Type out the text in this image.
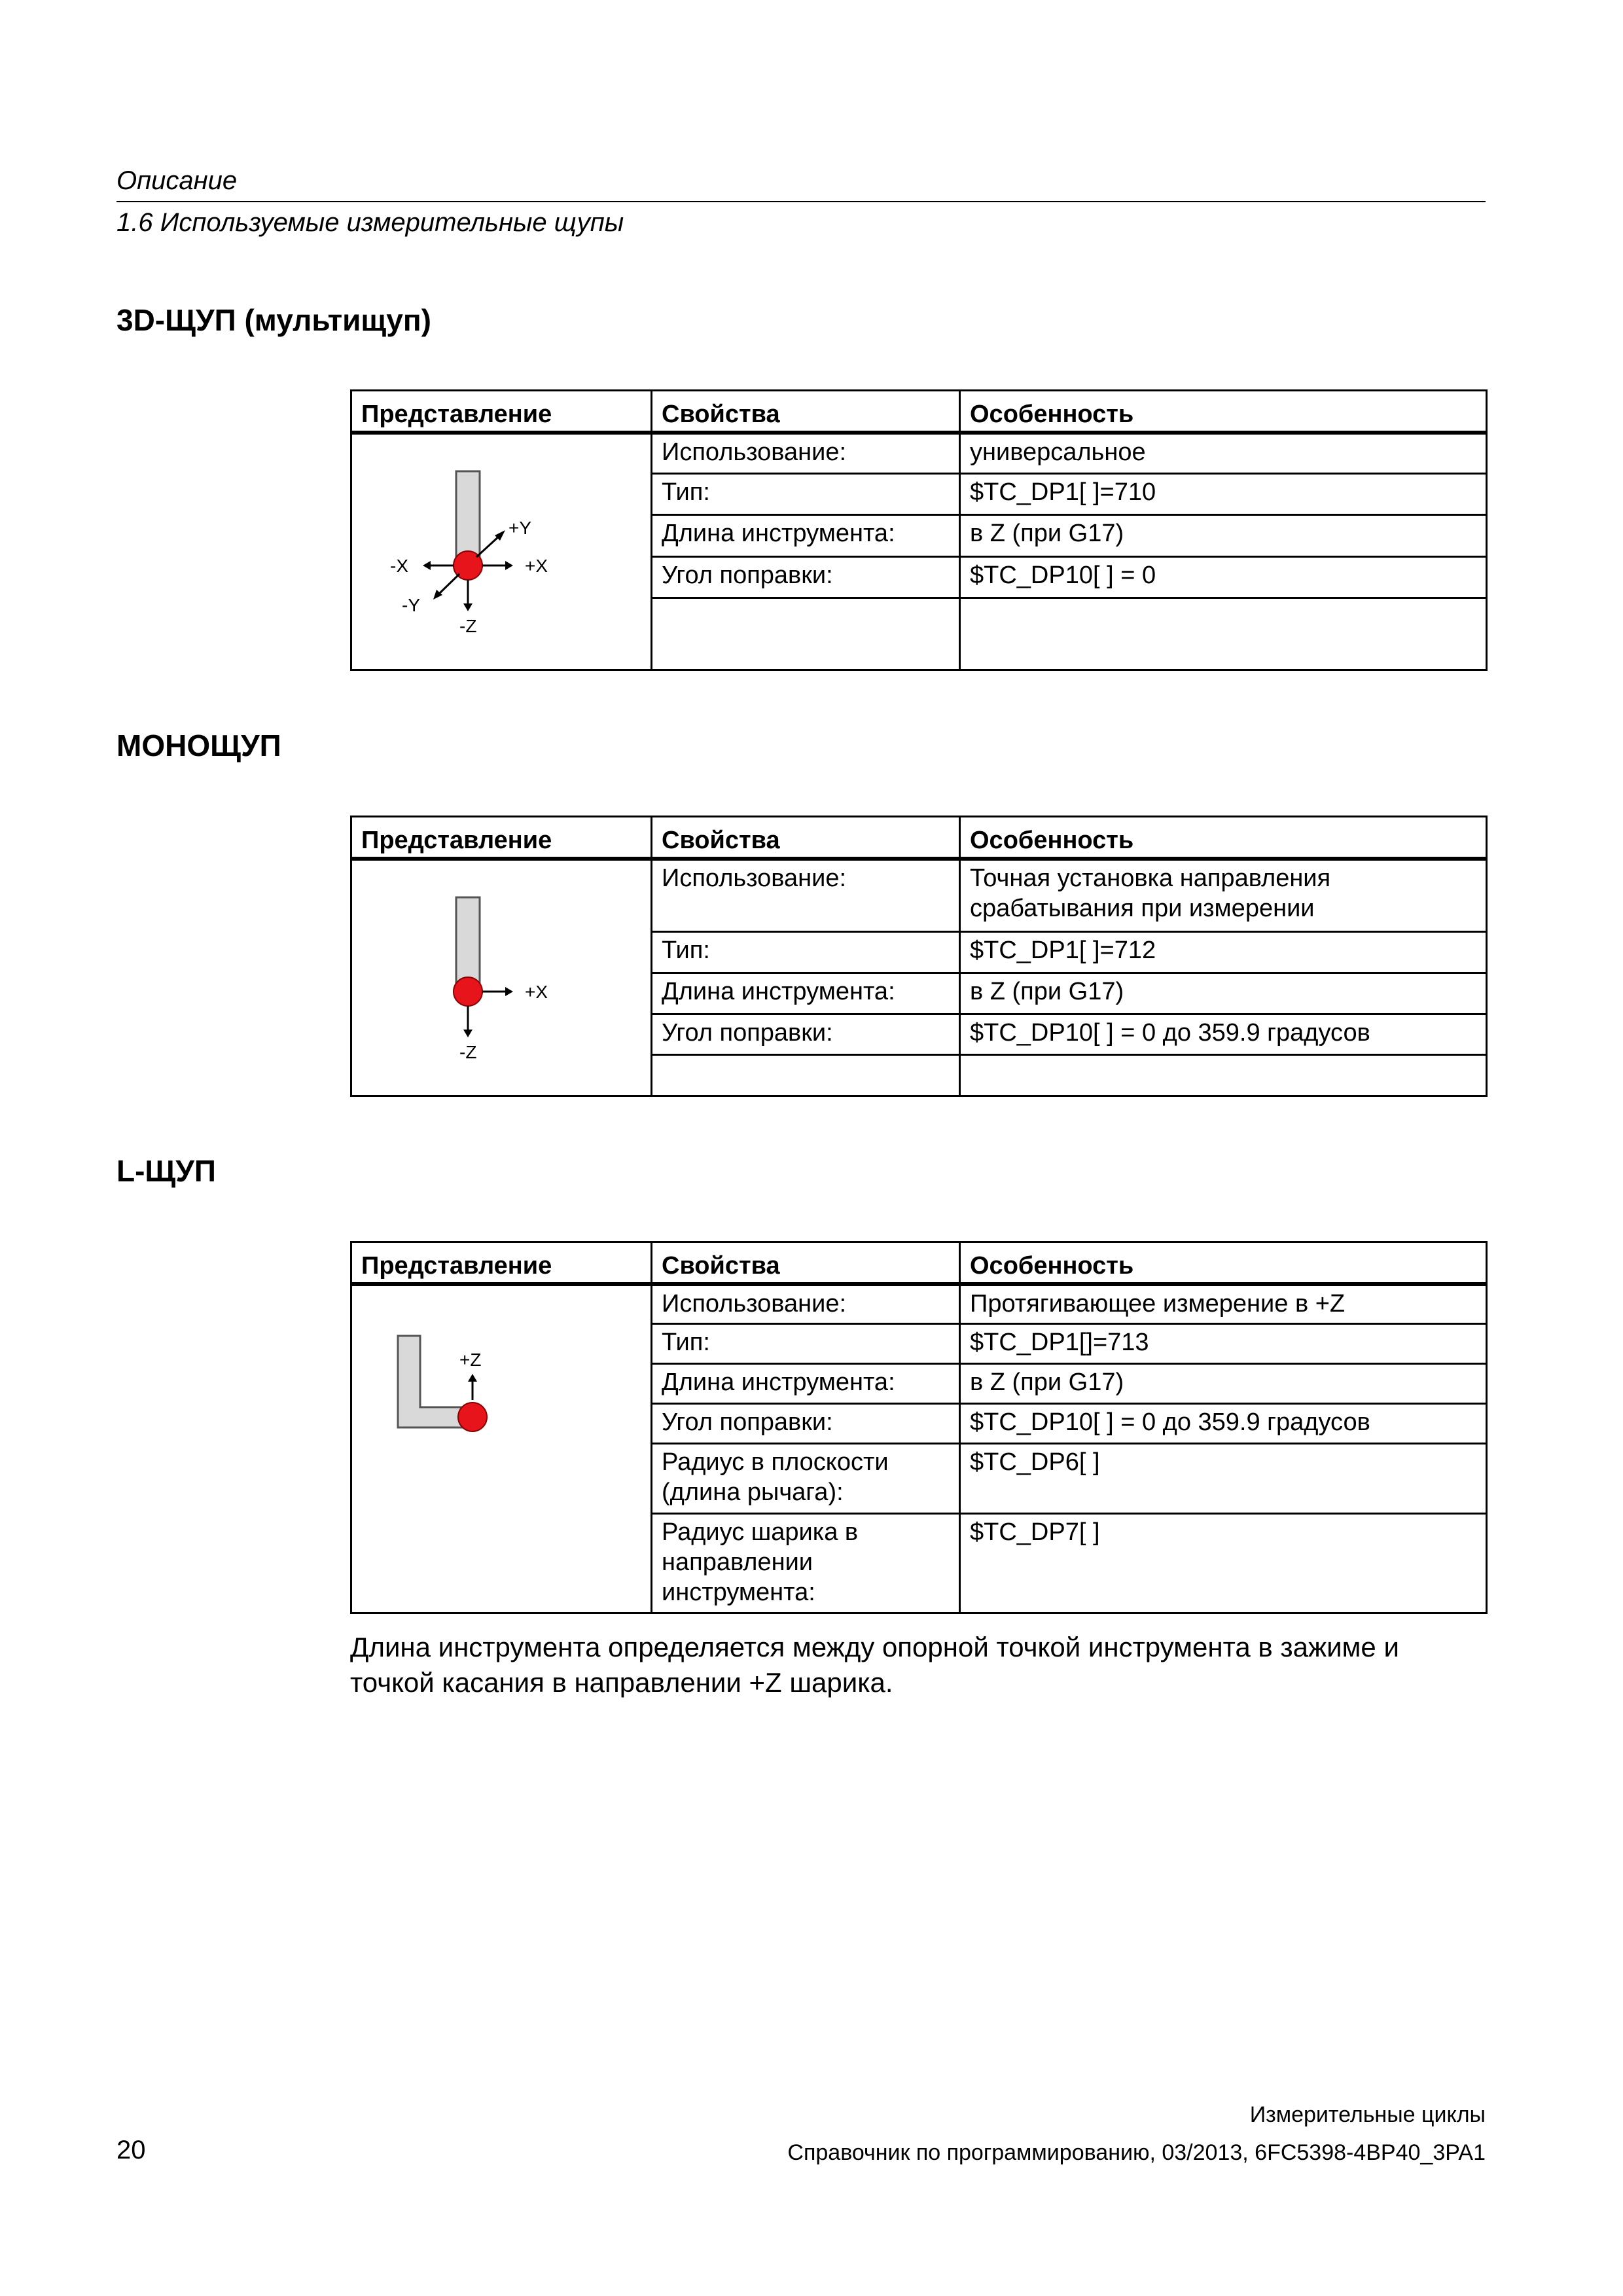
Описание
1.6 Используемые измерительные щупы
3D-ЩУП (мультищуп)
Представление	Свойства	Особенность

+Y
+X
-X
-Y
-Z	Использование:	универсальное
	Тип:	$TC_DP1[ ]=710
	Длина инструмента:	в Z (при G17)
	Угол поправки:	$TC_DP10[ ] = 0

МОНОЩУП
Представление	Свойства	Особенность

+X
-Z	Использование:	Точная установка направления срабатывания при измерении
	Тип:	$TC_DP1[ ]=712
	Длина инструмента:	в Z (при G17)
	Угол поправки:	$TC_DP10[ ] = 0 до 359.9 градусов

L-ЩУП
Представление	Свойства	Особенность

+Z	Использование:	Протягивающее измерение в +Z
	Тип:	$TC_DP1[]=713
	Длина инструмента:	в Z (при G17)
	Угол поправки:	$TC_DP10[ ] = 0 до 359.9 градусов
	Радиус в плоскости (длина рычага):	$TC_DP6[ ]
	Радиус шарика в направлении инструмента:	$TC_DP7[ ]
Длина инструмента определяется между опорной точкой инструмента в зажиме и точкой касания в направлении +Z шарика.
20
Измерительные циклы
Справочник по программированию, 03/2013, 6FC5398-4BP40_3PA1
